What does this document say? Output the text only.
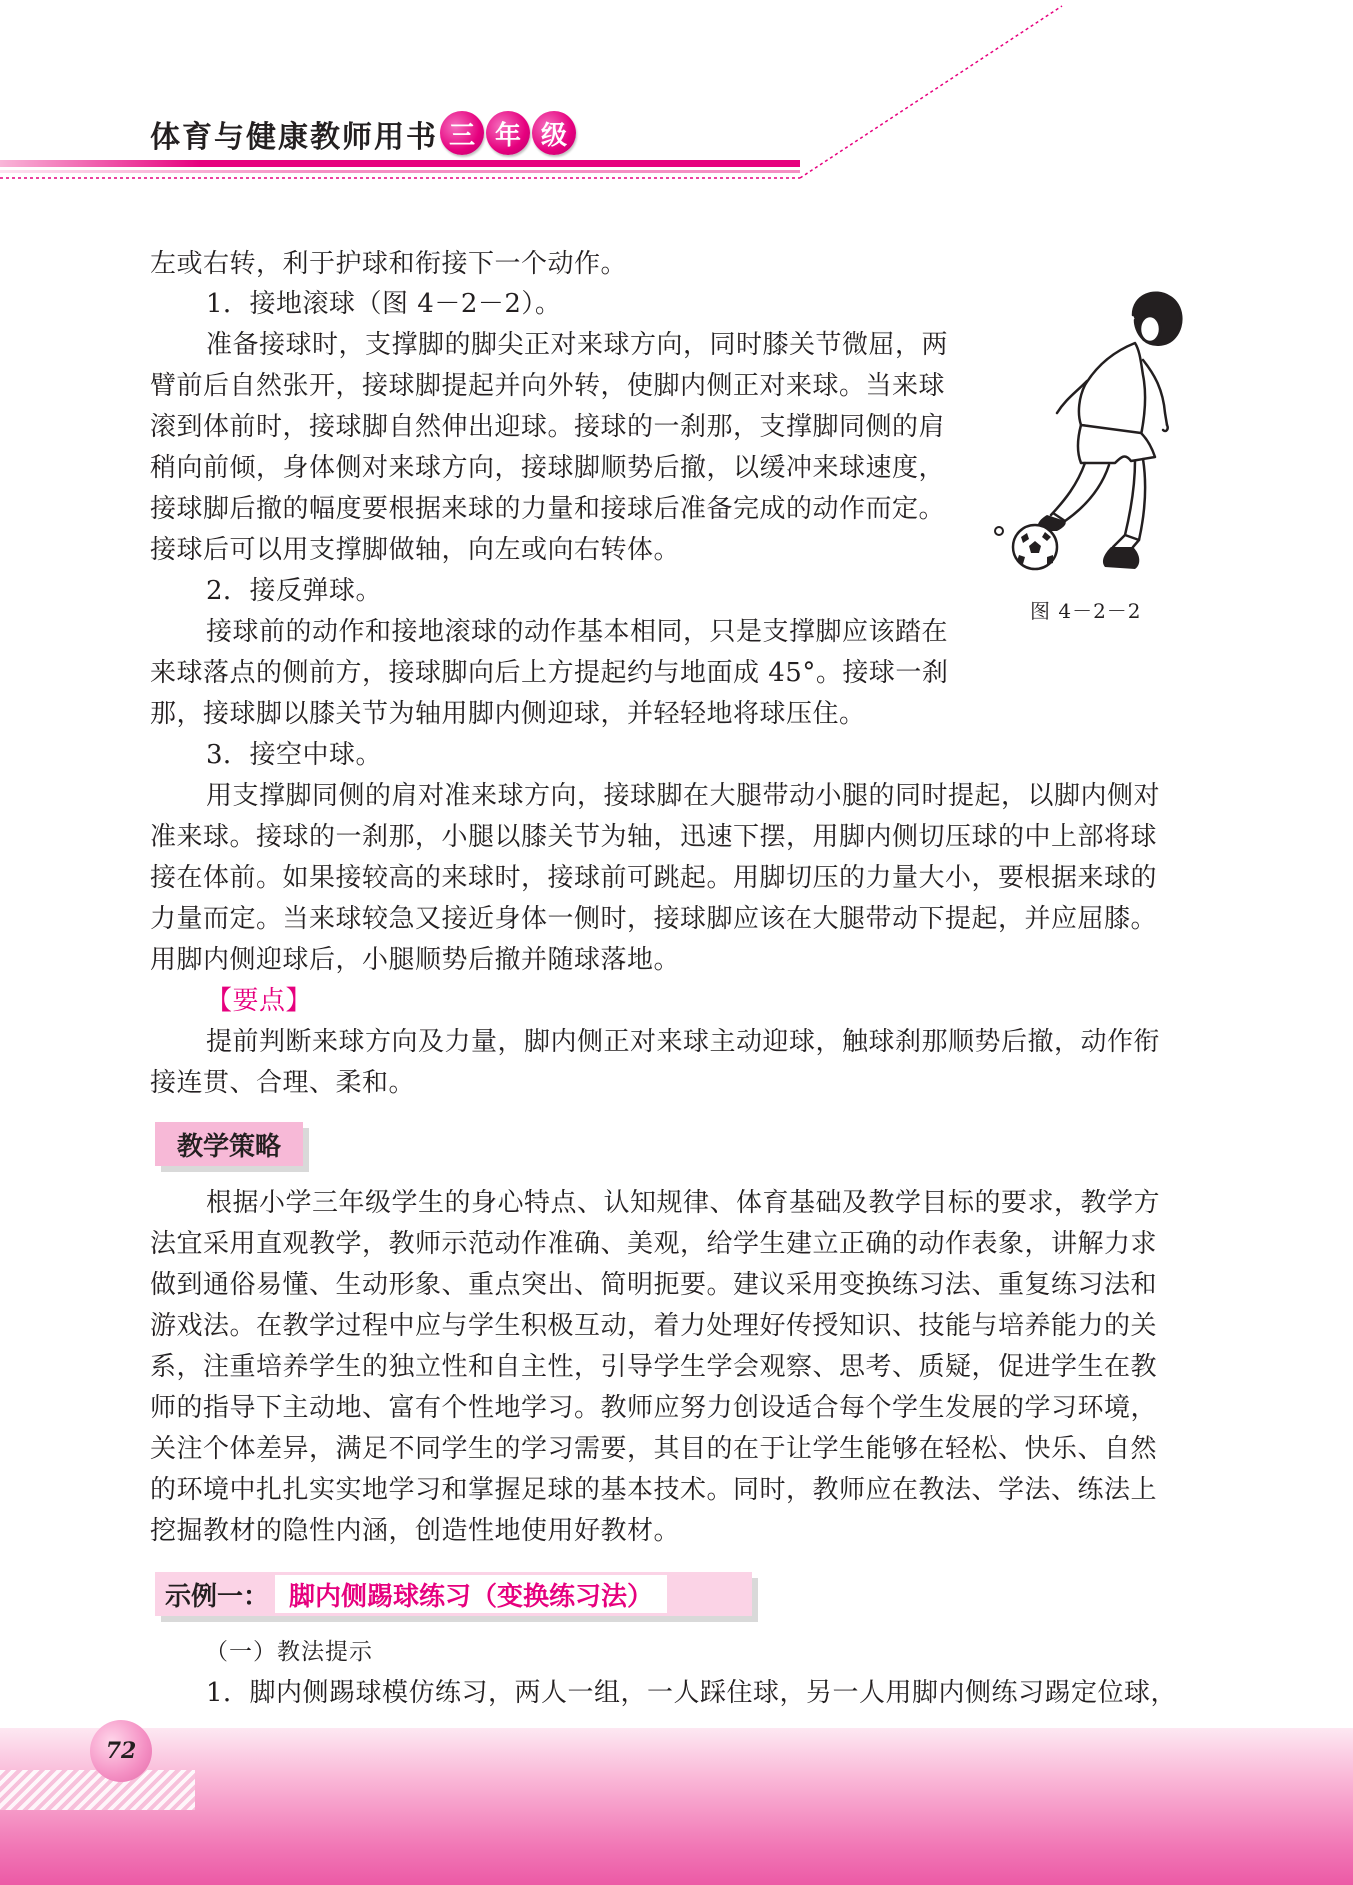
体育与健康教师用书 三 年 级

左或右转，利于护球和衔接下一个动作。

1．接地滚球（图 4－2－2）。

准备接球时，支撑脚的脚尖正对来球方向，同时膝关节微屈，两

臂前后自然张开，接球脚提起并向外转，使脚内侧正对来球。当来球

滚到体前时，接球脚自然伸出迎球。接球的一刹那，支撑脚同侧的肩

稍向前倾，身体侧对来球方向，接球脚顺势后撤，以缓冲来球速度，

接球脚后撤的幅度要根据来球的力量和接球后准备完成的动作而定。

接球后可以用支撑脚做轴，向左或向右转体。

2．接反弹球。

接球前的动作和接地滚球的动作基本相同，只是支撑脚应该踏在

来球落点的侧前方，接球脚向后上方提起约与地面成 45°。接球一刹

那，接球脚以膝关节为轴用脚内侧迎球，并轻轻地将球压住。

3．接空中球。

用支撑脚同侧的肩对准来球方向，接球脚在大腿带动小腿的同时提起，以脚内侧对

准来球。接球的一刹那，小腿以膝关节为轴，迅速下摆，用脚内侧切压球的中上部将球

接在体前。如果接较高的来球时，接球前可跳起。用脚切压的力量大小，要根据来球的

力量而定。当来球较急又接近身体一侧时，接球脚应该在大腿带动下提起，并应屈膝。

用脚内侧迎球后，小腿顺势后撤并随球落地。

【要点】

提前判断来球方向及力量，脚内侧正对来球主动迎球，触球刹那顺势后撤，动作衔

接连贯、合理、柔和。

图 4－2－2
教学策略

根据小学三年级学生的身心特点、认知规律、体育基础及教学目标的要求，教学方

法宜采用直观教学，教师示范动作准确、美观，给学生建立正确的动作表象，讲解力求

做到通俗易懂、生动形象、重点突出、简明扼要。建议采用变换练习法、重复练习法和

游戏法。在教学过程中应与学生积极互动，着力处理好传授知识、技能与培养能力的关

系，注重培养学生的独立性和自主性，引导学生学会观察、思考、质疑，促进学生在教

师的指导下主动地、富有个性地学习。教师应努力创设适合每个学生发展的学习环境，

关注个体差异，满足不同学生的学习需要，其目的在于让学生能够在轻松、快乐、自然

的环境中扎扎实实地学习和掌握足球的基本技术。同时，教师应在教法、学法、练法上

挖掘教材的隐性内涵，创造性地使用好教材。

示例一： 脚内侧踢球练习（变换练习法）
（一）教法提示

1．脚内侧踢球模仿练习，两人一组，一人踩住球，另一人用脚内侧练习踢定位球，

72
